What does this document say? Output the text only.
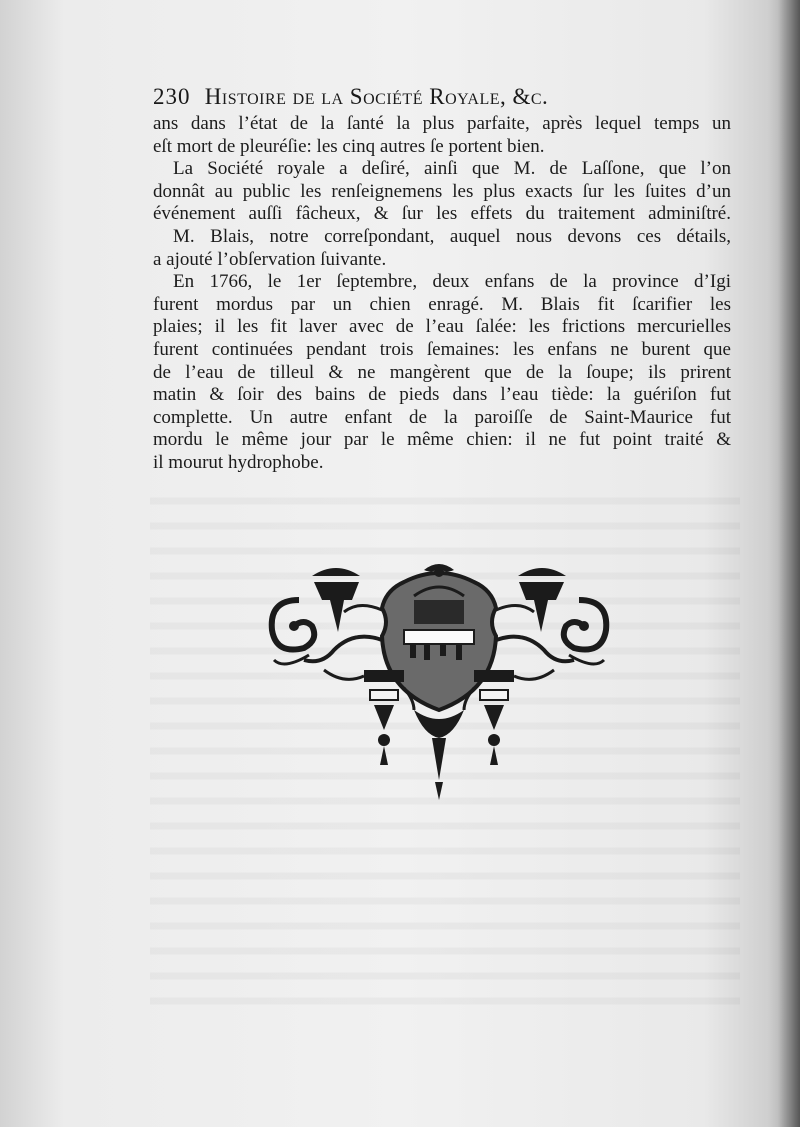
230 Histoire de la Société Royale, &c.
ans dans l’état de la ſanté la plus parfaite, après lequel temps un
eſt mort de pleuréſie: les cinq autres ſe portent bien.
La Société royale a deſiré, ainſi que M. de Laſſone, que l’on
donnât au public les renſeignemens les plus exacts ſur les ſuites d’un
événement auſſi fâcheux, & ſur les effets du traitement adminiſtré.
M. Blais, notre correſpondant, auquel nous devons ces détails,
a ajouté l’obſervation ſuivante.
En 1766, le 1er ſeptembre, deux enfans de la province d’Igi
furent mordus par un chien enragé. M. Blais fit ſcarifier les
plaies; il les fit laver avec de l’eau ſalée: les frictions mercurielles
furent continuées pendant trois ſemaines: les enfans ne burent que
de l’eau de tilleul & ne mangèrent que de la ſoupe; ils prirent
matin & ſoir des bains de pieds dans l’eau tiède: la guériſon fut
complette. Un autre enfant de la paroiſſe de Saint-Maurice fut
mordu le même jour par le même chien: il ne fut point traité &
il mourut hydrophobe.
